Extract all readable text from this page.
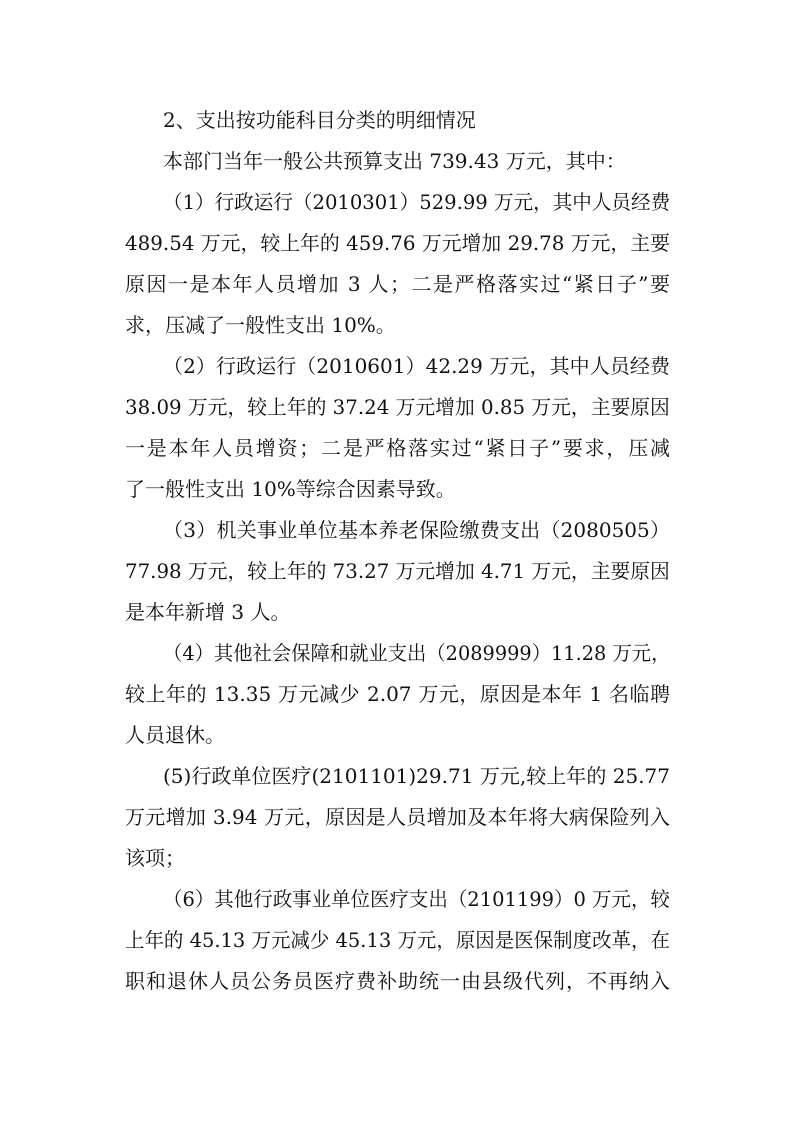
2、支出按功能科目分类的明细情况
本部门当年一般公共预算支出 739.43 万元，其中：
（1）行政运行（2010301）529.99 万元，其中人员经费
489.54 万元，较上年的 459.76 万元增加 29.78 万元，主要
原因一是本年人员增加 3 人；二是严格落实过“紧日子”要
求，压减了一般性支出 10%。
（2）行政运行（2010601）42.29 万元，其中人员经费
38.09 万元，较上年的 37.24 万元增加 0.85 万元，主要原因
一是本年人员增资；二是严格落实过“紧日子”要求，压减
了一般性支出 10%等综合因素导致。
（3）机关事业单位基本养老保险缴费支出（2080505）
77.98 万元，较上年的 73.27 万元增加 4.71 万元，主要原因
是本年新增 3 人。
（4）其他社会保障和就业支出（2089999）11.28 万元，
较上年的 13.35 万元减少 2.07 万元，原因是本年 1 名临聘
人员退休。
(5)行政单位医疗(2101101)29.71 万元,较上年的 25.77
万元增加 3.94 万元，原因是人员增加及本年将大病保险列入
该项；
（6）其他行政事业单位医疗支出（2101199）0 万元，较
上年的 45.13 万元减少 45.13 万元，原因是医保制度改革，在
职和退休人员公务员医疗费补助统一由县级代列，不再纳入
